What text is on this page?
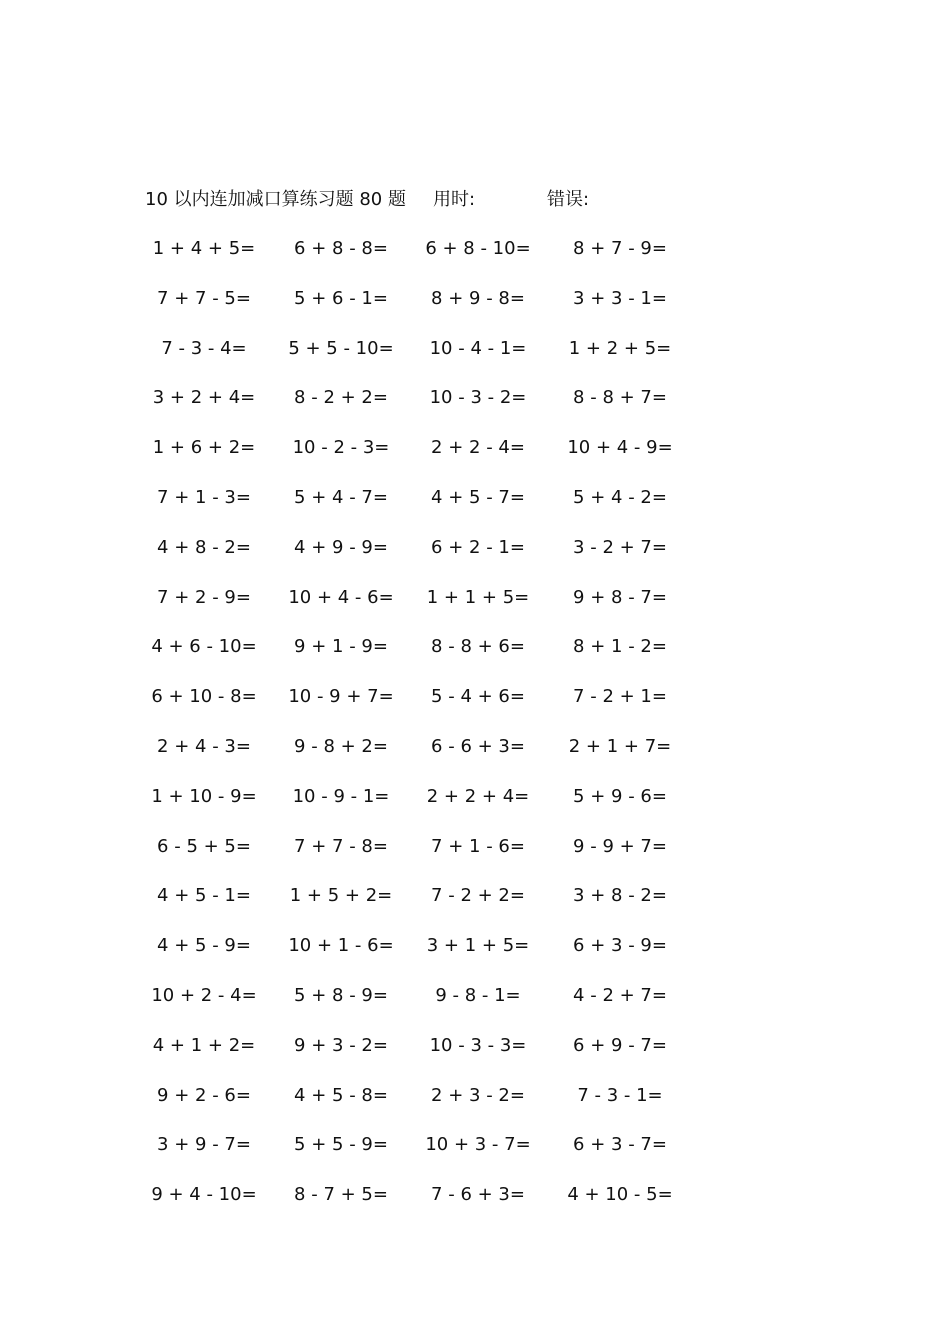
10 以内连加减口算练习题 80 题 用时:	错误:
1 + 4 + 5=	6 + 8 - 8=	6 + 8 - 10=	8 + 7 - 9=
7 + 7 - 5=	5 + 6 - 1=	8 + 9 - 8=	3 + 3 - 1=
7 - 3 - 4=	5 + 5 - 10=	10 - 4 - 1=	1 + 2 + 5=
3 + 2 + 4=	8 - 2 + 2=	10 - 3 - 2=	8 - 8 + 7=
1 + 6 + 2=	10 - 2 - 3=	2 + 2 - 4=	10 + 4 - 9=
7 + 1 - 3=	5 + 4 - 7=	4 + 5 - 7=	5 + 4 - 2=
4 + 8 - 2=	4 + 9 - 9=	6 + 2 - 1=	3 - 2 + 7=
7 + 2 - 9=	10 + 4 - 6=	1 + 1 + 5=	9 + 8 - 7=
4 + 6 - 10=	9 + 1 - 9=	8 - 8 + 6=	8 + 1 - 2=
6 + 10 - 8=	10 - 9 + 7=	5 - 4 + 6=	7 - 2 + 1=
2 + 4 - 3=	9 - 8 + 2=	6 - 6 + 3=	2 + 1 + 7=
1 + 10 - 9=	10 - 9 - 1=	2 + 2 + 4=	5 + 9 - 6=
6 - 5 + 5=	7 + 7 - 8=	7 + 1 - 6=	9 - 9 + 7=
4 + 5 - 1=	1 + 5 + 2=	7 - 2 + 2=	3 + 8 - 2=
4 + 5 - 9=	10 + 1 - 6=	3 + 1 + 5=	6 + 3 - 9=
10 + 2 - 4=	5 + 8 - 9=	9 - 8 - 1=	4 - 2 + 7=
4 + 1 + 2=	9 + 3 - 2=	10 - 3 - 3=	6 + 9 - 7=
9 + 2 - 6=	4 + 5 - 8=	2 + 3 - 2=	7 - 3 - 1=
3 + 9 - 7=	5 + 5 - 9=	10 + 3 - 7=	6 + 3 - 7=
9 + 4 - 10=	8 - 7 + 5=	7 - 6 + 3=	4 + 10 - 5=
